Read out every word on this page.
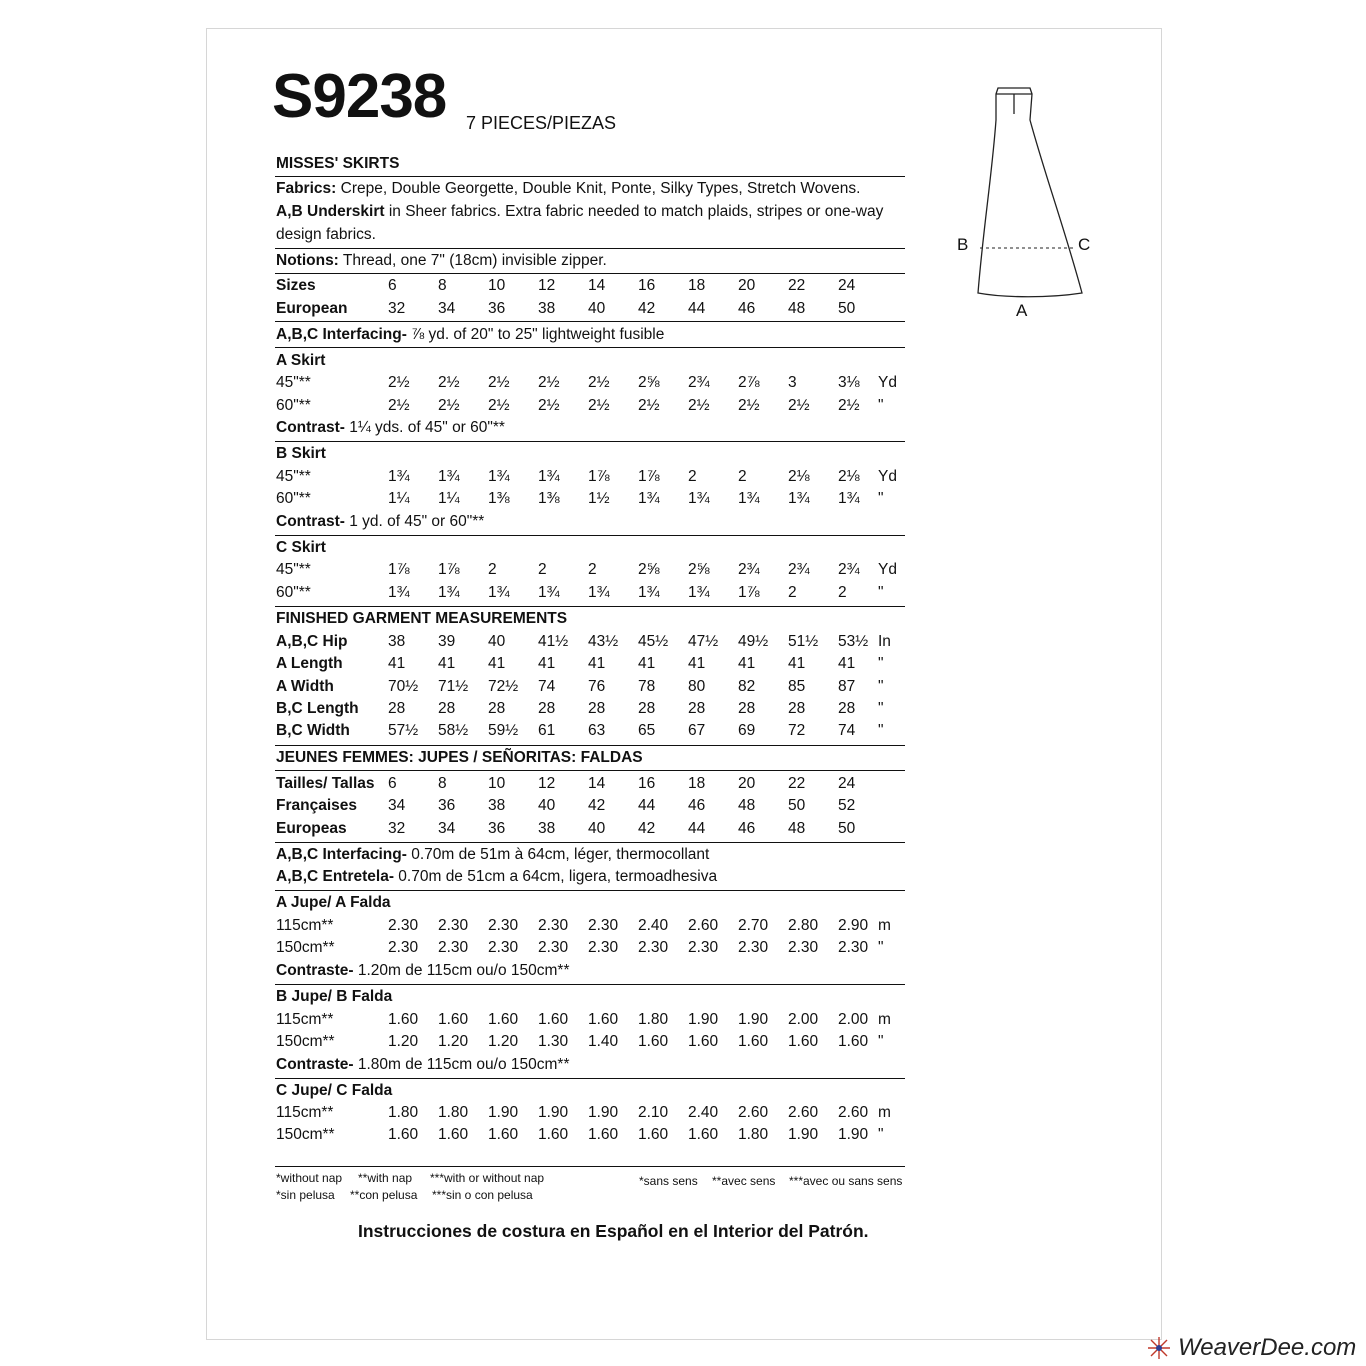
S9238 7 PIECES/PIEZAS
B	C
A
MISSES' SKIRTS
Fabrics: Crepe, Double Georgette, Double Knit, Ponte, Silky Types, Stretch Wovens.
A,B Underskirt in Sheer fabrics. Extra fabric needed to match plaids, stripes or one-way
design fabrics.
Notions: Thread, one 7" (18cm) invisible zipper.
Sizes	6	8	10 12 14 16 18 20 22 24
European	32 34 36 38 40 42 44 46 48 50
A,B,C Interfacing- ⅞ yd. of 20" to 25" lightweight fusible
A Skirt
45"**	2½ 2½ 2½ 2½ 2½ 2⅝ 2¾ 2⅞ 3	3⅛ Yd
60"**	2½ 2½ 2½ 2½ 2½ 2½ 2½ 2½ 2½ 2½ "
Contrast- 1¼ yds. of 45" or 60"**
B Skirt
45"**	1¾ 1¾ 1¾ 1¾ 1⅞ 1⅞ 2	2	2⅛ 2⅛ Yd
60"**	1¼ 1¼ 1⅜ 1⅜ 1½ 1¾ 1¾ 1¾ 1¾ 1¾ "
Contrast- 1 yd. of 45" or 60"**
C Skirt
45"**	1⅞ 1⅞ 2	2	2	2⅝ 2⅝ 2¾ 2¾ 2¾ Yd
60"**	1¾ 1¾ 1¾ 1¾ 1¾ 1¾ 1¾ 1⅞ 2	2 "
FINISHED GARMENT MEASUREMENTS
A,B,C Hip	38 39 40 41½ 43½ 45½ 47½ 49½ 51½ 53½ In
A Length	41 41 41 41 41 41 41 41 41 41 "
A Width	70½ 71½ 72½ 74 76 78 80 82 85 87 "
B,C Length 28 28 28 28 28 28 28 28 28 28 "
B,C Width 57½ 58½ 59½ 61 63 65 67 69 72 74 "
JEUNES FEMMES: JUPES / SEÑORITAS: FALDAS
Tailles/ Tallas 6	8	10 12 14 16 18 20 22 24
Françaises 34 36 38 40 42 44 46 48 50 52
Europeas	32 34 36 38 40 42 44 46 48 50
A,B,C Interfacing- 0.70m de 51m à 64cm, léger, thermocollant
A,B,C Entretela- 0.70m de 51cm a 64cm, ligera, termoadhesiva
A Jupe/ A Falda
115cm**	2.30 2.30 2.30 2.30 2.30 2.40 2.60 2.70 2.80 2.90 m
150cm**	2.30 2.30 2.30 2.30 2.30 2.30 2.30 2.30 2.30 2.30 "
Contraste- 1.20m de 115cm ou/o 150cm**
B Jupe/ B Falda
115cm**	1.60 1.60 1.60 1.60 1.60 1.80 1.90 1.90 2.00 2.00 m
150cm**	1.20 1.20 1.20 1.30 1.40 1.60 1.60 1.60 1.60 1.60 "
Contraste- 1.80m de 115cm ou/o 150cm**
C Jupe/ C Falda
115cm**	1.80 1.80 1.90 1.90 1.90 2.10 2.40 2.60 2.60 2.60 m
150cm**	1.60 1.60 1.60 1.60 1.60 1.60 1.60 1.80 1.90 1.90 "
*without nap **with nap ***with or without nap
*sin pelusa **con pelusa ***sin o con pelusa
*sans sens **avec sens ***avec ou sans sens
Instrucciones de costura en Español en el Interior del Patrón.
WeaverDee.com
